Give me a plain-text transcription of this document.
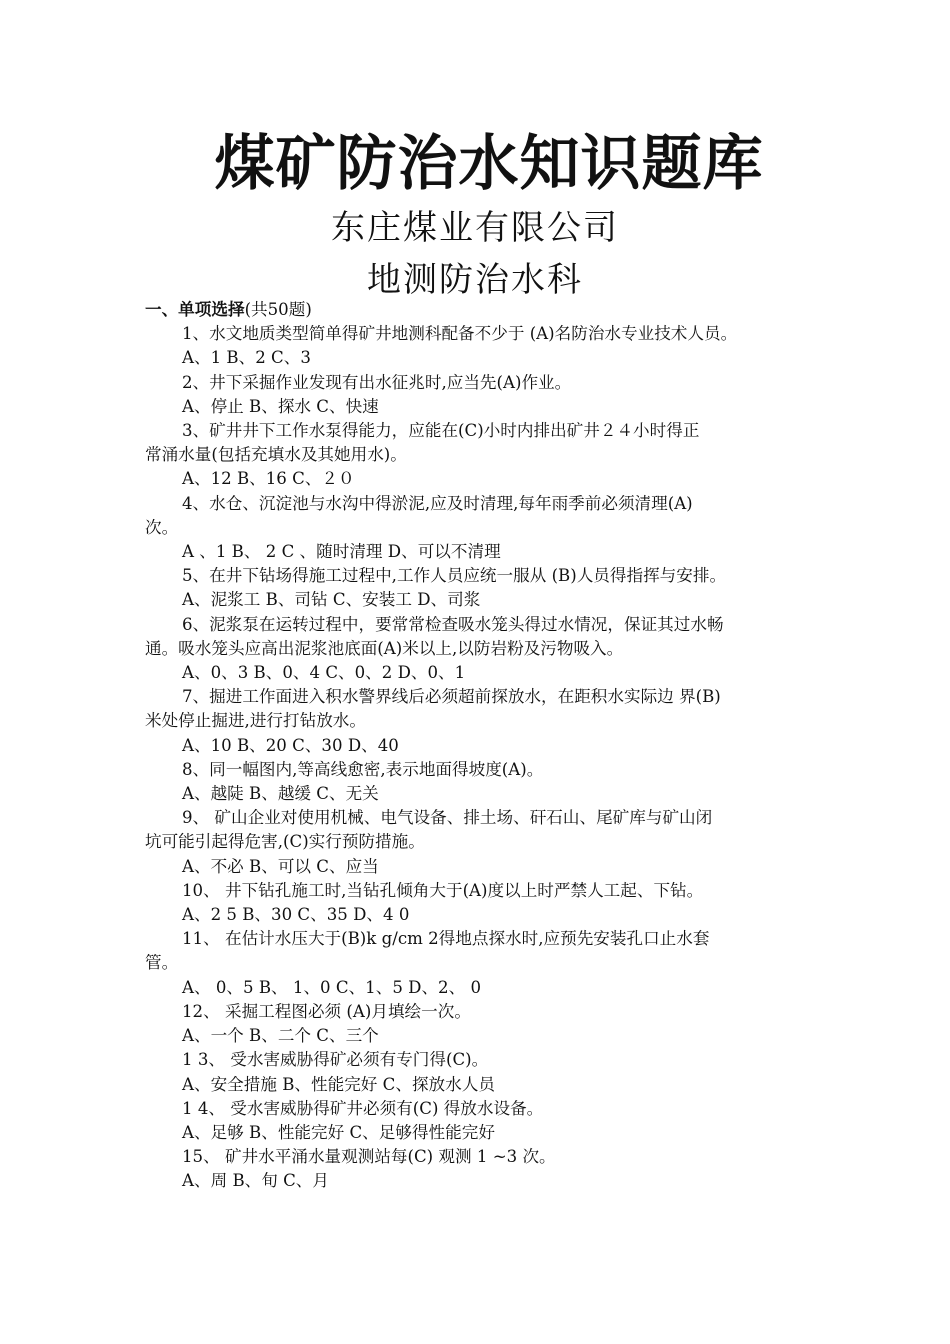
煤矿防治水知识题库
东庄煤业有限公司
地测防治水科
一、单项选择(共50题)
1、水文地质类型简单得矿井地测科配备不少于 (A)名防治水专业技术人员。
A、1 B、2 C、3
2、井下采掘作业发现有出水征兆时,应当先(A)作业。
A、停止 B、探水 C、快速
3、矿井井下工作水泵得能力，应能在(C)小时内排出矿井２４小时得正
常涌水量(包括充填水及其她用水)。
A、12 B、16 C、２０
4、水仓、沉淀池与水沟中得淤泥,应及时清理,每年雨季前必须清理(A)
次。
A 、1 B、 2 C 、随时清理 D、可以不清理
5、在井下钻场得施工过程中,工作人员应统一服从 (B)人员得指挥与安排。
A、泥浆工 B、司钻 C、安装工 D、司浆
6、泥浆泵在运转过程中，要常常检查吸水笼头得过水情况，保证其过水畅
通。吸水笼头应高出泥浆池底面(A)米以上,以防岩粉及污物吸入。
A、0、3 B、0、4 C、0、2 D、0、1
7、掘进工作面进入积水警界线后必须超前探放水，在距积水实际边 界(B)
米处停止掘进,进行打钻放水。
A、10 B、20 C、30 D、40
8、同一幅图内,等高线愈密,表示地面得坡度(A)。
A、越陡 B、越缓 C、无关
9、 矿山企业对使用机械、电气设备、排土场、矸石山、尾矿库与矿山闭
坑可能引起得危害,(C)实行预防措施。
A、不必 B、可以 C、应当
10、 井下钻孔施工时,当钻孔倾角大于(A)度以上时严禁人工起、下钻。
A、2 5 B、30 C、35 D、4 0
11、 在估计水压大于(B)k g/cm 2得地点探水时,应预先安装孔口止水套
管。
A、 0、5 B、 1、0 C、1、5 D、2、 0
12、 采掘工程图必须 (A)月填绘一次。
A、一个 B、二个 C、三个
1 3、 受水害威胁得矿必须有专门得(C)。
A、安全措施 B、性能完好 C、探放水人员
1 4、 受水害威胁得矿井必须有(C) 得放水设备。
A、足够 B、性能完好 C、足够得性能完好
15、 矿井水平涌水量观测站每(C) 观测 1 ~3 次。
A、周 B、旬 C、月
